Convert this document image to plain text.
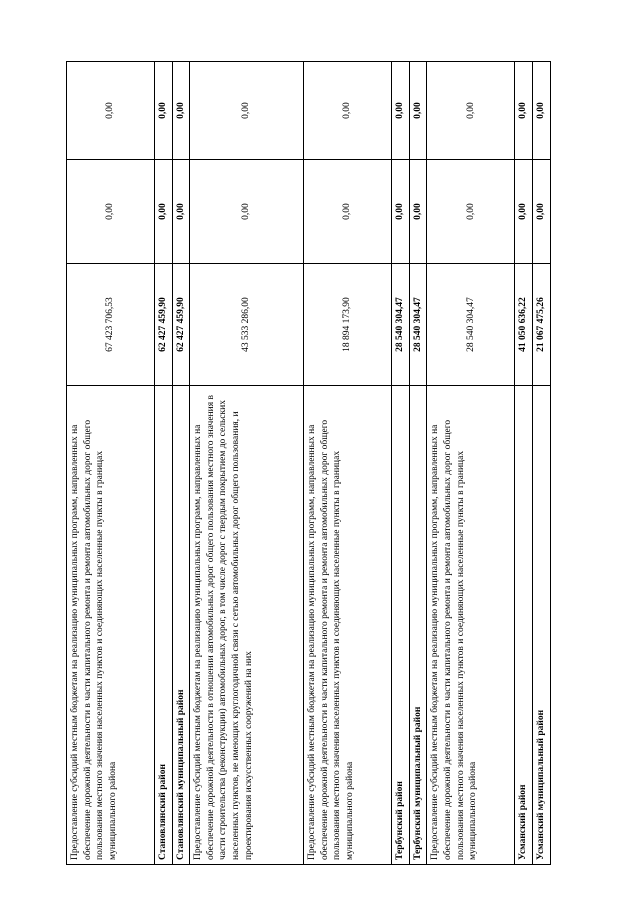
Предоставление субсидий местным бюджетам на реализацию муниципальных программ, направленных на обеспечение дорожной деятельности в части капитального ремонта и ремонта автомобильных дорог общего пользования местного значения населенных пунктов и соединяющих населенные пункты в границах муниципального района	67 423 706,53	0,00	0,00
Становлянский район	62 427 459,90	0,00	0,00
Становлянский муниципальный район	62 427 459,90	0,00	0,00
Предоставление субсидий местным бюджетам на реализацию муниципальных программ, направленных на обеспечение дорожной деятельности в отношении автомобильных дорог общего пользования местного значения в части строительства (реконструкции) автомобильных дорог, в том числе дорог с твердым покрытием до сельских населенных пунктов, не имеющих круглогодичной связи с сетью автомобильных дорог общего пользования, и проектирования искусственных сооружений на них	43 533 286,00	0,00	0,00
Предоставление субсидий местным бюджетам на реализацию муниципальных программ, направленных на обеспечение дорожной деятельности в части капитального ремонта и ремонта автомобильных дорог общего пользования местного значения населенных пунктов и соединяющих населенные пункты в границах муниципального района	18 894 173,90	0,00	0,00
Тербунский район	28 540 304,47	0,00	0,00
Тербунский муниципальный район	28 540 304,47	0,00	0,00
Предоставление субсидий местным бюджетам на реализацию муниципальных программ, направленных на обеспечение дорожной деятельности в части капитального ремонта и ремонта автомобильных дорог общего пользования местного значения населенных пунктов и соединяющих населенные пункты в границах муниципального района	28 540 304,47	0,00	0,00
Усманский район	41 050 636,22	0,00	0,00
Усманский муниципальный район	21 067 475,26	0,00	0,00
